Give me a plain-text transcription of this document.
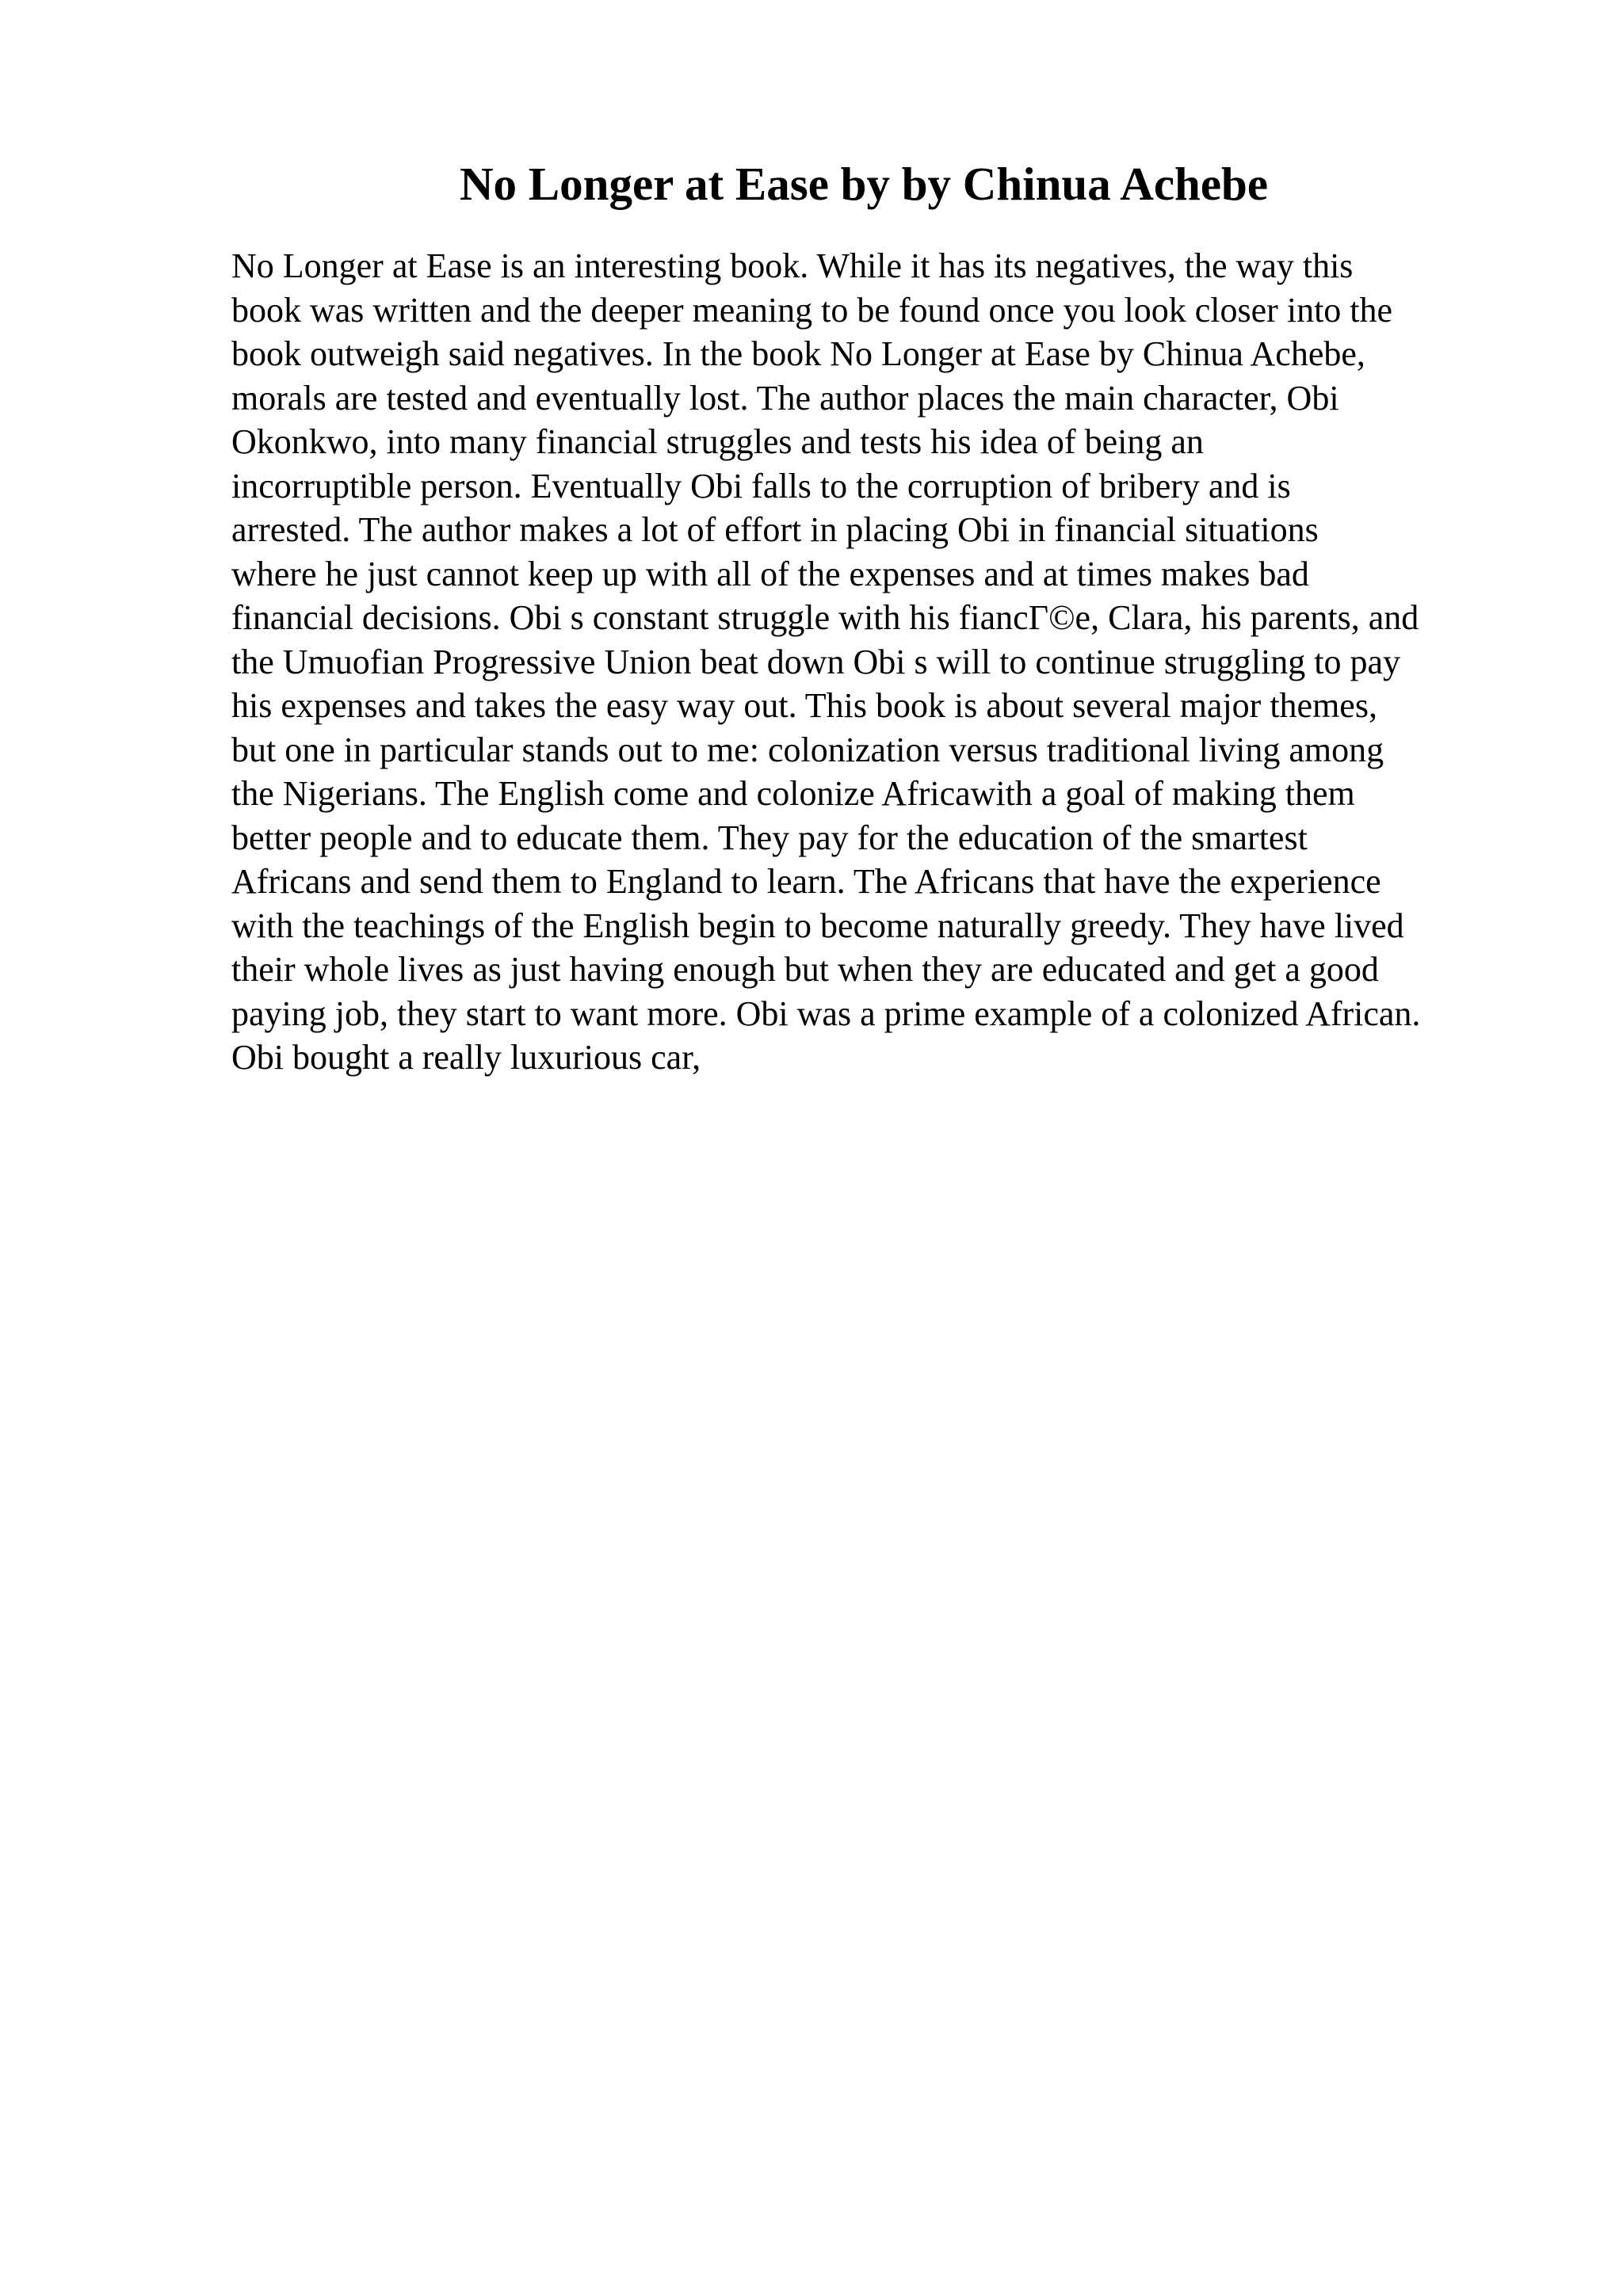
No Longer at Ease by by Chinua Achebe
No Longer at Ease is an interesting book. While it has its negatives, the way this
book was written and the deeper meaning to be found once you look closer into the
book outweigh said negatives. In the book No Longer at Ease by Chinua Achebe,
morals are tested and eventually lost. The author places the main character, Obi
Okonkwo, into many financial struggles and tests his idea of being an
incorruptible person. Eventually Obi falls to the corruption of bribery and is
arrested. The author makes a lot of effort in placing Obi in financial situations
where he just cannot keep up with all of the expenses and at times makes bad
financial decisions. Obi s constant struggle with his fiancΓ©e, Clara, his parents, and
the Umuofian Progressive Union beat down Obi s will to continue struggling to pay
his expenses and takes the easy way out. This book is about several major themes,
but one in particular stands out to me: colonization versus traditional living among
the Nigerians. The English come and colonize Africawith a goal of making them
better people and to educate them. They pay for the education of the smartest
Africans and send them to England to learn. The Africans that have the experience
with the teachings of the English begin to become naturally greedy. They have lived
their whole lives as just having enough but when they are educated and get a good
paying job, they start to want more. Obi was a prime example of a colonized African.
Obi bought a really luxurious car,
